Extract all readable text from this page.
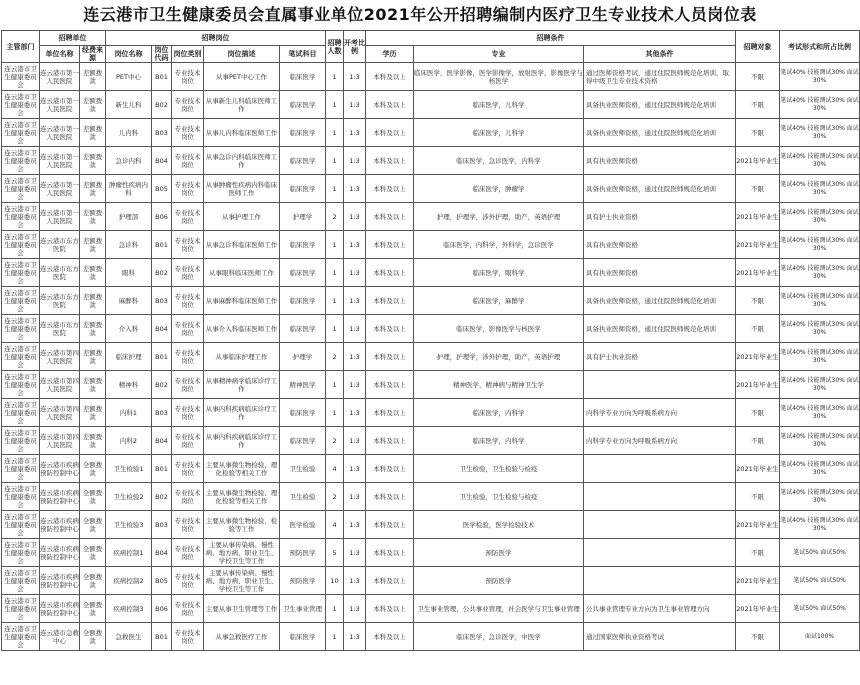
连云港市卫生健康委员会直属事业单位2021年公开招聘编制内医疗卫生专业技术人员岗位表
主管部门	招聘单位		招聘岗位					招聘人数	开考比例	招聘条件			招聘对象	考试形式和所占比例
	单位名称	经费来源	岗位名称	岗位代码	岗位类别	岗位描述	笔试科目			学历	专业	其他条件		
连云港市卫生健康委员会	连云港市第一人民医院	差额拨款	PET中心	B01	专业技术岗位	从事PET中心工作	临床医学	1	1:3	本科及以上	临床医学，医学影像，医学影像学，放射医学，影像医学与核医学	通过医师资格考试，通过住院医师规范化培训，取得中级卫生专业技术资格	不限	笔试40% 技能测试30% 面试30%
连云港市卫生健康委员会	连云港市第一人民医院	差额拨款	新生儿科	B02	专业技术岗位	从事新生儿科临床医师工作	临床医学	1	1:3	本科及以上	临床医学，儿科学	具备执业医师资格，通过住院医师规范化培训	不限	笔试40% 技能测试30% 面试30%
连云港市卫生健康委员会	连云港市第一人民医院	差额拨款	儿内科	B03	专业技术岗位	从事儿内科临床医师工作	临床医学	1	1:3	本科及以上	临床医学，儿科学	具备执业医师资格，通过住院医师规范化培训	不限	笔试40% 技能测试30% 面试30%
连云港市卫生健康委员会	连云港市第一人民医院	差额拨款	急诊内科	B04	专业技术岗位	从事急诊内科临床医师工作	临床医学	1	1:3	本科及以上	临床医学，急诊医学，内科学	具有执业医师资格	2021年毕业生	笔试40% 技能测试30% 面试30%
连云港市卫生健康委员会	连云港市第一人民医院	差额拨款	肿瘤性疾病内科	B05	专业技术岗位	从事肿瘤性疾病内科临床医师工作	临床医学	1	1:3	本科及以上	临床医学，肿瘤学	具备执业医师资格，通过住院医师规范化培训	不限	笔试40% 技能测试30% 面试30%
连云港市卫生健康委员会	连云港市第一人民医院	差额拨款	护理部	B06	专业技术岗位	从事护理工作	护理学	2	1:3	本科及以上	护理，护理学，涉外护理，助产，英语护理	具有护士执业资格	2021年毕业生	笔试40% 技能测试30% 面试30%
连云港市卫生健康委员会	连云港市东方医院	差额拨款	急诊科	B01	专业技术岗位	从事急诊科临床医师工作	临床医学	1	1:3	本科及以上	临床医学，内科学，外科学，急诊医学	具有执业医师资格	2021年毕业生	笔试40% 技能测试30% 面试30%
连云港市卫生健康委员会	连云港市东方医院	差额拨款	眼科	B02	专业技术岗位	从事眼科临床医师工作	临床医学	1	1:3	本科及以上	临床医学，眼科学	具有执业医师资格	2021年毕业生	笔试40% 技能测试30% 面试30%
连云港市卫生健康委员会	连云港市东方医院	差额拨款	麻醉科	B03	专业技术岗位	从事麻醉科临床医师工作	临床医学	1	1:3	本科及以上	临床医学，麻醉学	具备执业医师资格，通过住院医师规范化培训	不限	笔试40% 技能测试30% 面试30%
连云港市卫生健康委员会	连云港市东方医院	差额拨款	介入科	B04	专业技术岗位	从事介入科临床医师工作	临床医学	1	1:3	本科及以上	临床医学，影像医学与核医学	具备执业医师资格，通过住院医师规范化培训	不限	笔试40% 技能测试30% 面试30%
连云港市卫生健康委员会	连云港市第四人民医院	差额拨款	临床护理	B01	专业技术岗位	从事临床护理工作	护理学	2	1:3	本科及以上	护理，护理学，涉外护理，助产，英语护理	具有护士执业资格	2021年毕业生	笔试40% 技能测试30% 面试30%
连云港市卫生健康委员会	连云港市第四人民医院	差额拨款	精神科	B02	专业技术岗位	从事精神病学临床诊疗工作	精神医学	1	1:3	本科及以上	精神医学，精神病与精神卫生学		2021年毕业生	笔试40% 技能测试30% 面试30%
连云港市卫生健康委员会	连云港市第四人民医院	差额拨款	内科1	B03	专业技术岗位	从事内科疾病临床诊疗工作	临床医学	1	1:3	本科及以上	临床医学，内科学	内科学专业方向为呼吸系病方向	不限	笔试40% 技能测试30% 面试30%
连云港市卫生健康委员会	连云港市第四人民医院	差额拨款	内科2	B04	专业技术岗位	从事内科疾病临床诊疗工作	临床医学	2	1:3	本科及以上	临床医学，内科学	内科学专业方向为呼吸系病方向	不限	笔试40% 技能测试30% 面试30%
连云港市卫生健康委员会	连云港市疾病预防控制中心	全额拨款	卫生检验1	B01	专业技术岗位	主要从事微生物检验、理化检验等相关工作	卫生检验	4	1:3	本科及以上	卫生检验，卫生检验与检疫		2021年毕业生	笔试40% 技能测试30% 面试30%
连云港市卫生健康委员会	连云港市疾病预防控制中心	全额拨款	卫生检验2	B02	专业技术岗位	主要从事微生物检验、理化检验等相关工作	卫生检验	2	1:3	本科及以上	卫生检验，卫生检验与检疫		不限	笔试40% 技能测试30% 面试30%
连云港市卫生健康委员会	连云港市疾病预防控制中心	全额拨款	卫生检验3	B03	专业技术岗位	主要从事微生物检验、检验等工作	医学检验	4	1:3	本科及以上	医学检验，医学检验技术		2021年毕业生	笔试40% 技能测试30% 面试30%
连云港市卫生健康委员会	连云港市疾病预防控制中心	全额拨款	疾病控制1	B04	专业技术岗位	主要从事传染病、慢性病、地方病、职业卫生、学校卫生等工作	预防医学	5	1:3	本科及以上	预防医学		不限	笔试50% 面试50%
连云港市卫生健康委员会	连云港市疾病预防控制中心	全额拨款	疾病控制2	B05	专业技术岗位	主要从事传染病、慢性病、地方病、职业卫生、学校卫生等工作	预防医学	10	1:3	本科及以上	预防医学		2021年毕业生	笔试50% 面试50%
连云港市卫生健康委员会	连云港市疾病预防控制中心	全额拨款	疾病控制3	B06	专业技术岗位	主要从事卫生管理等工作	卫生事业管理	1	1:3	本科及以上	卫生事业管理，公共事业管理，社会医学与卫生事业管理	公共事业管理专业方向为卫生事业管理方向	2021年毕业生	笔试50% 面试50%
连云港市卫生健康委员会	连云港市急救中心	全额拨款	急救医生	B01	专业技术岗位	从事急救医疗工作	临床医学	1	1:3	本科及以上	临床医学，急诊医学，中医学	通过国家医师执业资格考试	不限	面试100%
